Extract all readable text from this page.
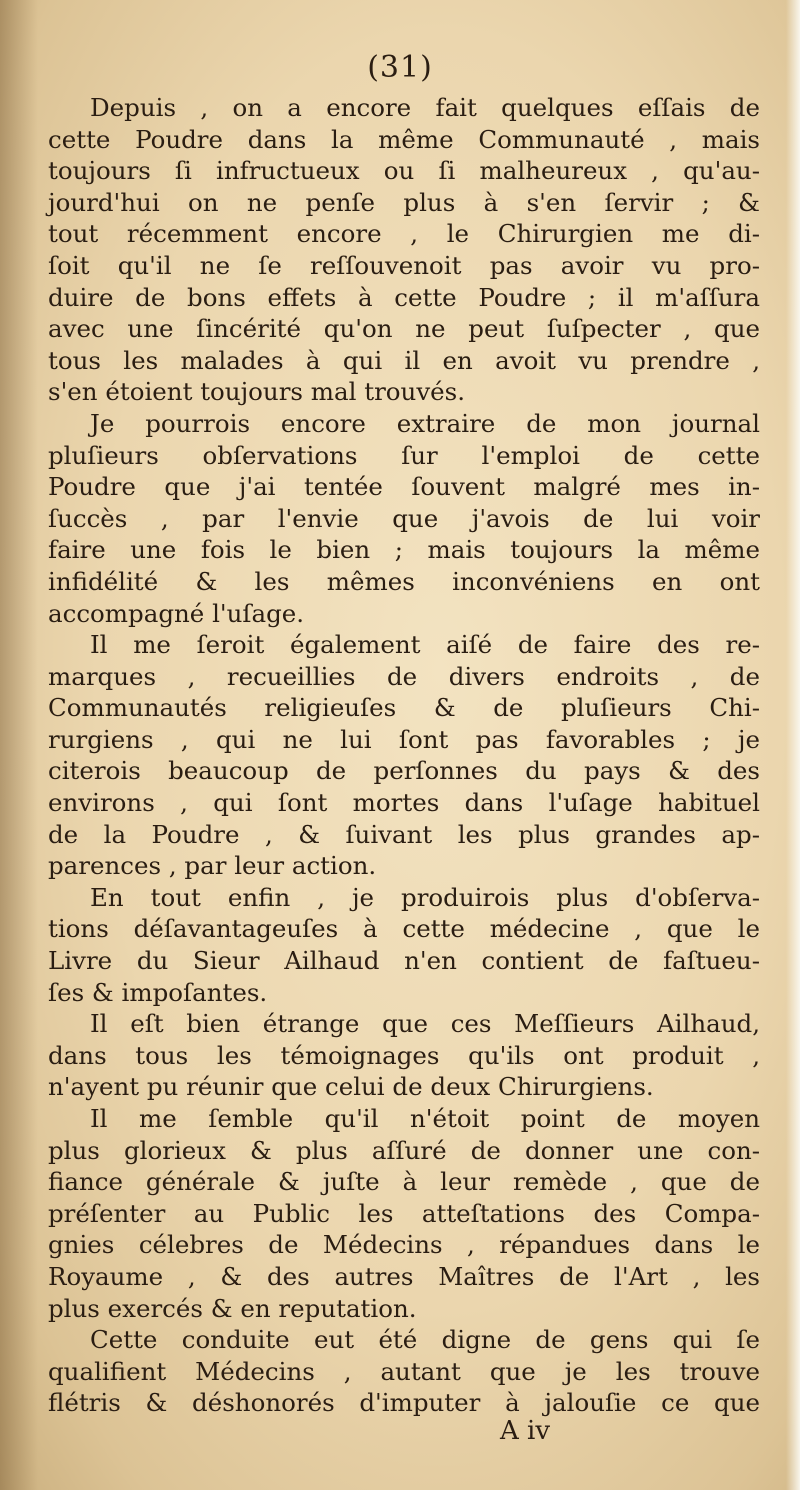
(31)
Depuis , on a encore fait quelques eſſais de
cette Poudre dans la même Communauté , mais
toujours ſi infructueux ou ſi malheureux , qu'au-
jourd'hui on ne penſe plus à s'en ſervir ; &
tout récemment encore , le Chirurgien me di-
ſoit qu'il ne ſe reſſouvenoit pas avoir vu pro-
duire de bons effets à cette Poudre ; il m'aſſura
avec une ſincérité qu'on ne peut ſuſpecter , que
tous les malades à qui il en avoit vu prendre ,
s'en étoient toujours mal trouvés.
Je pourrois encore extraire de mon journal
pluſieurs obſervations ſur l'emploi de cette
Poudre que j'ai tentée ſouvent malgré mes in-
ſuccès , par l'envie que j'avois de lui voir
faire une fois le bien ; mais toujours la même
infidélité & les mêmes inconvéniens en ont
accompagné l'uſage.
Il me ſeroit également aiſé de faire des re-
marques , recueillies de divers endroits , de
Communautés religieuſes & de pluſieurs Chi-
rurgiens , qui ne lui ſont pas favorables ; je
citerois beaucoup de perſonnes du pays & des
environs , qui ſont mortes dans l'uſage habituel
de la Poudre , & ſuivant les plus grandes ap-
parences , par leur action.
En tout enfin , je produirois plus d'obſerva-
tions déſavantageuſes à cette médecine , que le
Livre du Sieur Ailhaud n'en contient de faſtueu-
ſes & impoſantes.
Il eſt bien étrange que ces Meſſieurs Ailhaud,
dans tous les témoignages qu'ils ont produit ,
n'ayent pu réunir que celui de deux Chirurgiens.
Il me ſemble qu'il n'étoit point de moyen
plus glorieux & plus aſſuré de donner une con-
fiance générale & juſte à leur remède , que de
préſenter au Public les atteſtations des Compa-
gnies célebres de Médecins , répandues dans le
Royaume , & des autres Maîtres de l'Art , les
plus exercés & en reputation.
Cette conduite eut été digne de gens qui ſe
qualifient Médecins , autant que je les trouve
flétris & déshonorés d'imputer à jalouſie ce que
A iv
